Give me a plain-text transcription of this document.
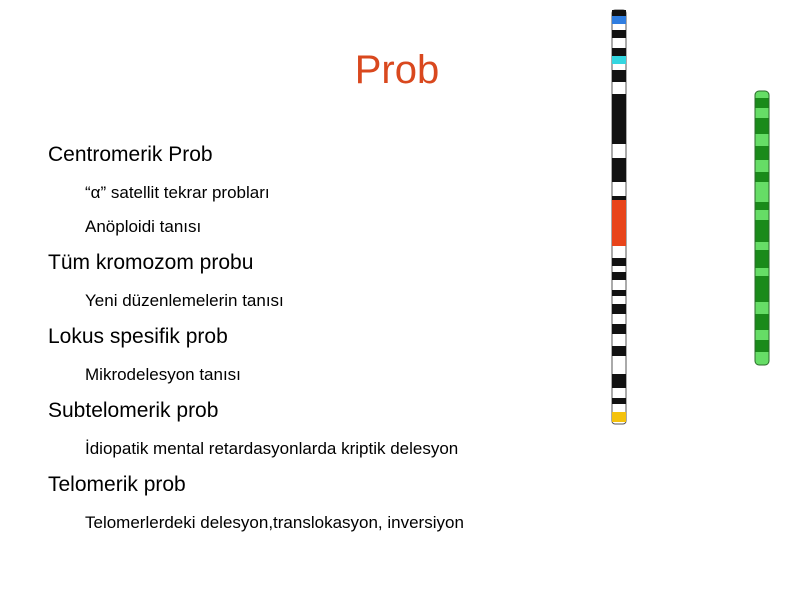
Prob
Centromerik Prob
“α” satellit tekrar probları
Anöploidi tanısı
Tüm kromozom probu
Yeni düzenlemelerin tanısı
Lokus spesifik prob
Mikrodelesyon tanısı
Subtelomerik prob
İdiopatik mental retardasyonlarda kriptik delesyon
Telomerik prob
Telomerlerdeki delesyon,translokasyon, inversiyon
